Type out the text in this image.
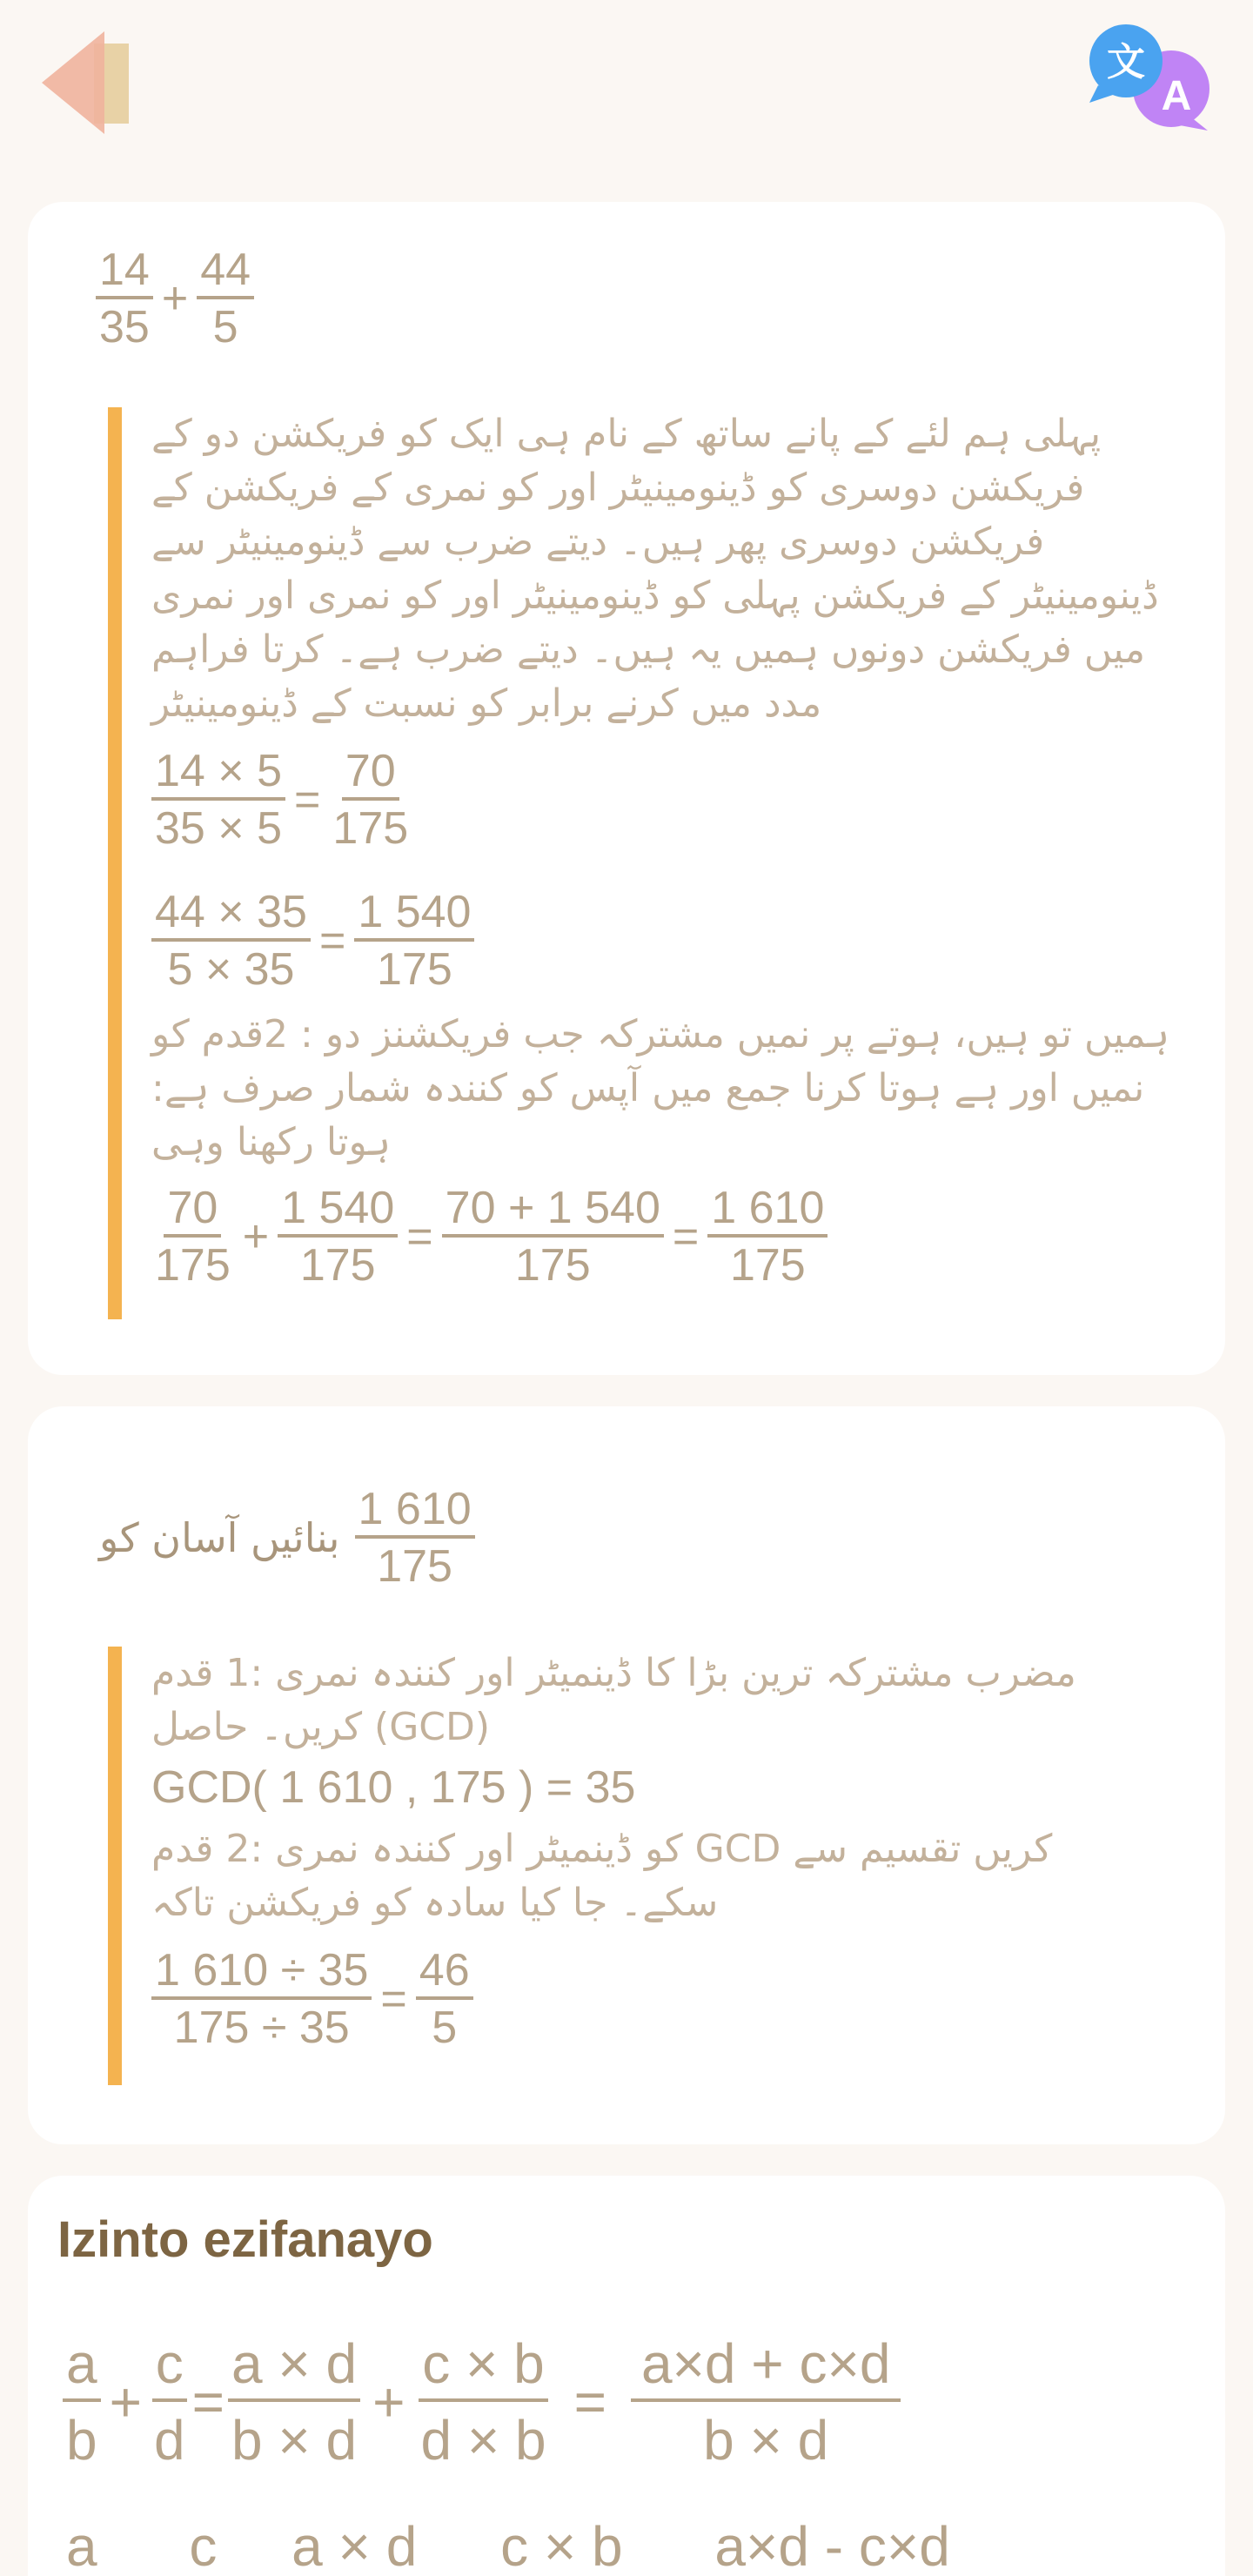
文
A
$\frac{14}{35} + \frac{44}{5}$

پہلی ہم لئے کے پانے ساتھ کے نام ہی ایک کو فریکشن دو کے فریکشن دوسری کو ڈینومینیٹر اور کو نمری کے فریکشن کے فریکشن دوسری پھر ہیں۔ دیتے ضرب سے ڈینومینیٹر سے ڈینومینیٹر کے فریکشن پہلی کو ڈینومینیٹر اور کو نمری اور نمری میں فریکشن دونوں ہمیں یہ ہیں۔ دیتے ضرب ہے۔ کرتا فراہم مدد میں کرنے برابر کو نسبت کے ڈینومینیٹر

$\frac{14 \times 5}{35 \times 5} = \frac{70}{175}$
$\frac{44 \times 35}{5 \times 35} = \frac{1 540}{175}$

ہمیں تو ہیں، ہوتے پر نمیں مشترکہ جب فریکشنز دو : 2قدم کو نمیں اور ہے ہوتا کرنا جمع میں آپس کو کنندہ شمار صرف ہے: ہوتا رکھنا وہی

$\frac{70}{175} + \frac{1 540}{175} = \frac{70 + 1 540}{175} = \frac{1 610}{175}$
بنائیں آسان کو $\frac{1 610}{175}$

مضرب مشترکہ ترین بڑا کا ڈینمیٹر اور کنندہ نمری :1 قدم (GCD) کریں۔ حاصل

GCD( 1 610 , 175 ) = 35

کریں تقسیم سے GCD کو ڈینمیٹر اور کنندہ نمری :2 قدم سکے۔ جا کیا سادہ کو فریکشن تاکہ

$\frac{1 610 \div 35}{175 \div 35} = \frac{46}{5}$
Izinto ezifanayo
$\frac{a}{b} + \frac{c}{d} = \frac{a \times d}{b \times d} + \frac{c \times b}{d \times b} = \frac{a\times d + c\times d}{b \times d}$
a
c
a × d
c × b
a×d - c×d
